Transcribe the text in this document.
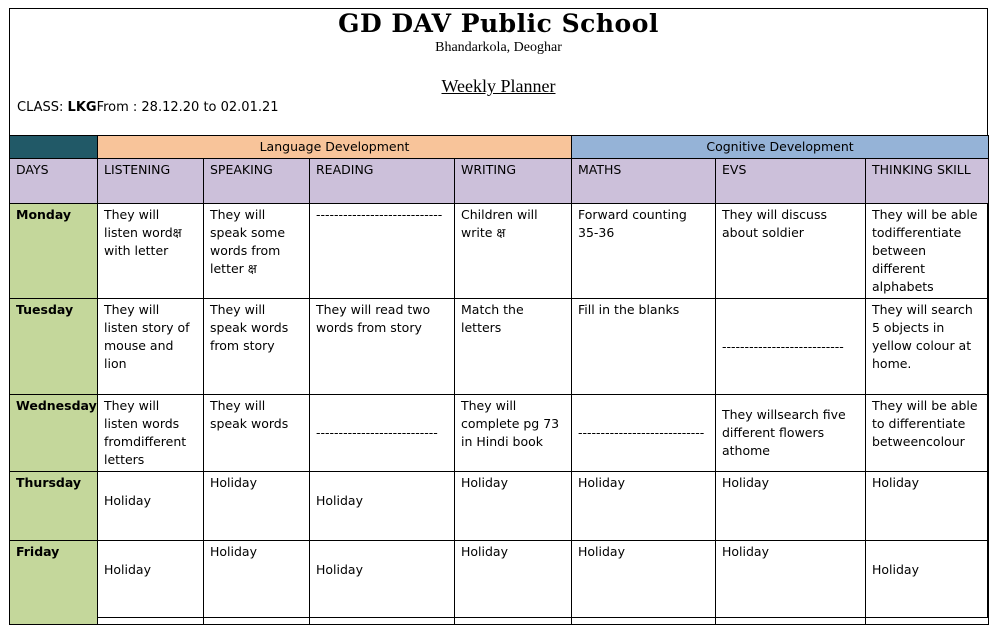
GD DAV Public School
Bhandarkola, Deoghar
Weekly Planner
CLASS: LKGFrom : 28.12.20 to 02.01.21
	Language Development				Cognitive Development		
DAYS	LISTENING	SPEAKING	READING	WRITING	MATHS	EVS	THINKING SKILL
Monday	They will listen wordक्ष with letter	They will speak some words from letter क्ष	----------------------------	Children will write क्ष	Forward counting 35-36	They will discuss about soldier	They will be able todifferentiate between different alphabets
Tuesday	They will listen story of mouse and lion	They will speak words from story	They will read two words from story	Match the letters	Fill in the blanks	---------------------------	They will search 5 objects in yellow colour at home.
Wednesday	They will listen words fromdifferent letters	They will speak words	---------------------------	They will complete pg 73 in Hindi book	----------------------------	They willsearch five different flowers athome	They will be able to differentiate betweencolour
Thursday	Holiday	Holiday	Holiday	Holiday	Holiday	Holiday	Holiday
Friday	Holiday	Holiday	Holiday	Holiday	Holiday	Holiday	Holiday
